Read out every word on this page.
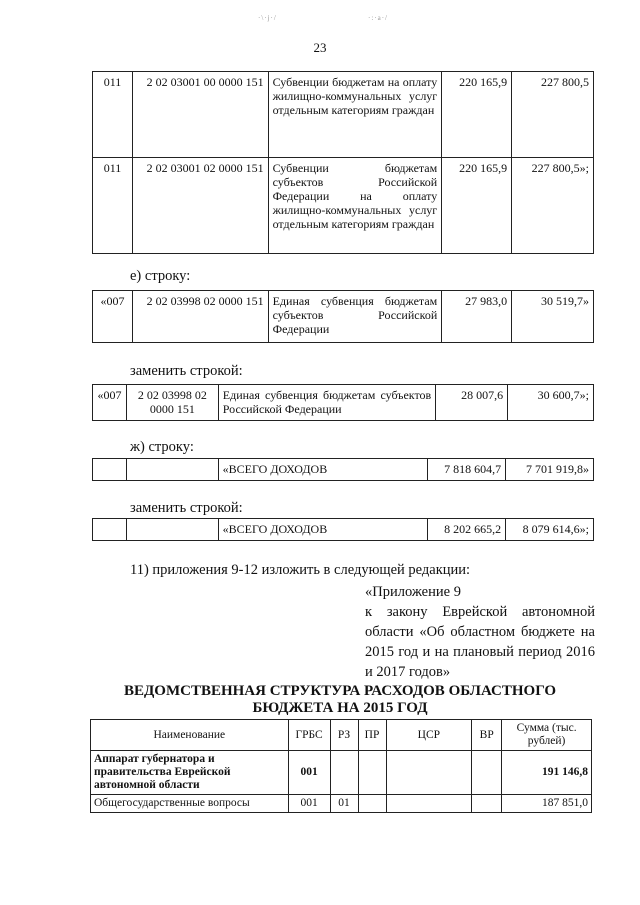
·\·ј·/	·:·a·/
23
011	2 02 03001 00 0000 151	Субвенции бюджетам на оплату жилищно-коммунальных услуг отдельным категориям граждан	220 165,9	227 800,5
011	2 02 03001 02 0000 151	Субвенции бюджетам субъектов Российской Федерации на оплату жилищно-коммунальных услуг отдельным категориям граждан	220 165,9	227 800,5»;
е) строку:
«007	2 02 03998 02 0000 151	Единая субвенция бюджетам субъектов Российской Федерации	27 983,0	30 519,7»
заменить строкой:
«007	2 02 03998 02 0000 151	Единая субвенция бюджетам субъектов Российской Федерации	28 007,6	30 600,7»;
ж) строку:
		«ВСЕГО ДОХОДОВ	7 818 604,7	7 701 919,8»
заменить строкой:
		«ВСЕГО ДОХОДОВ	8 202 665,2	8 079 614,6»;
11) приложения 9-12 изложить в следующей редакции:
«Приложение 9
к закону Еврейской автономной области «Об областном бюджете на 2015 год и на плановый период 2016 и 2017 годов»
ВЕДОМСТВЕННАЯ СТРУКТУРА РАСХОДОВ ОБЛАСТНОГО
БЮДЖЕТА НА 2015 ГОД
Наименование	ГРБС	РЗ	ПР	ЦСР	ВР	Сумма (тыс. рублей)
Аппарат губернатора и правительства Еврейской автономной области	001					191 146,8
Общегосударственные вопросы	001	01				187 851,0
